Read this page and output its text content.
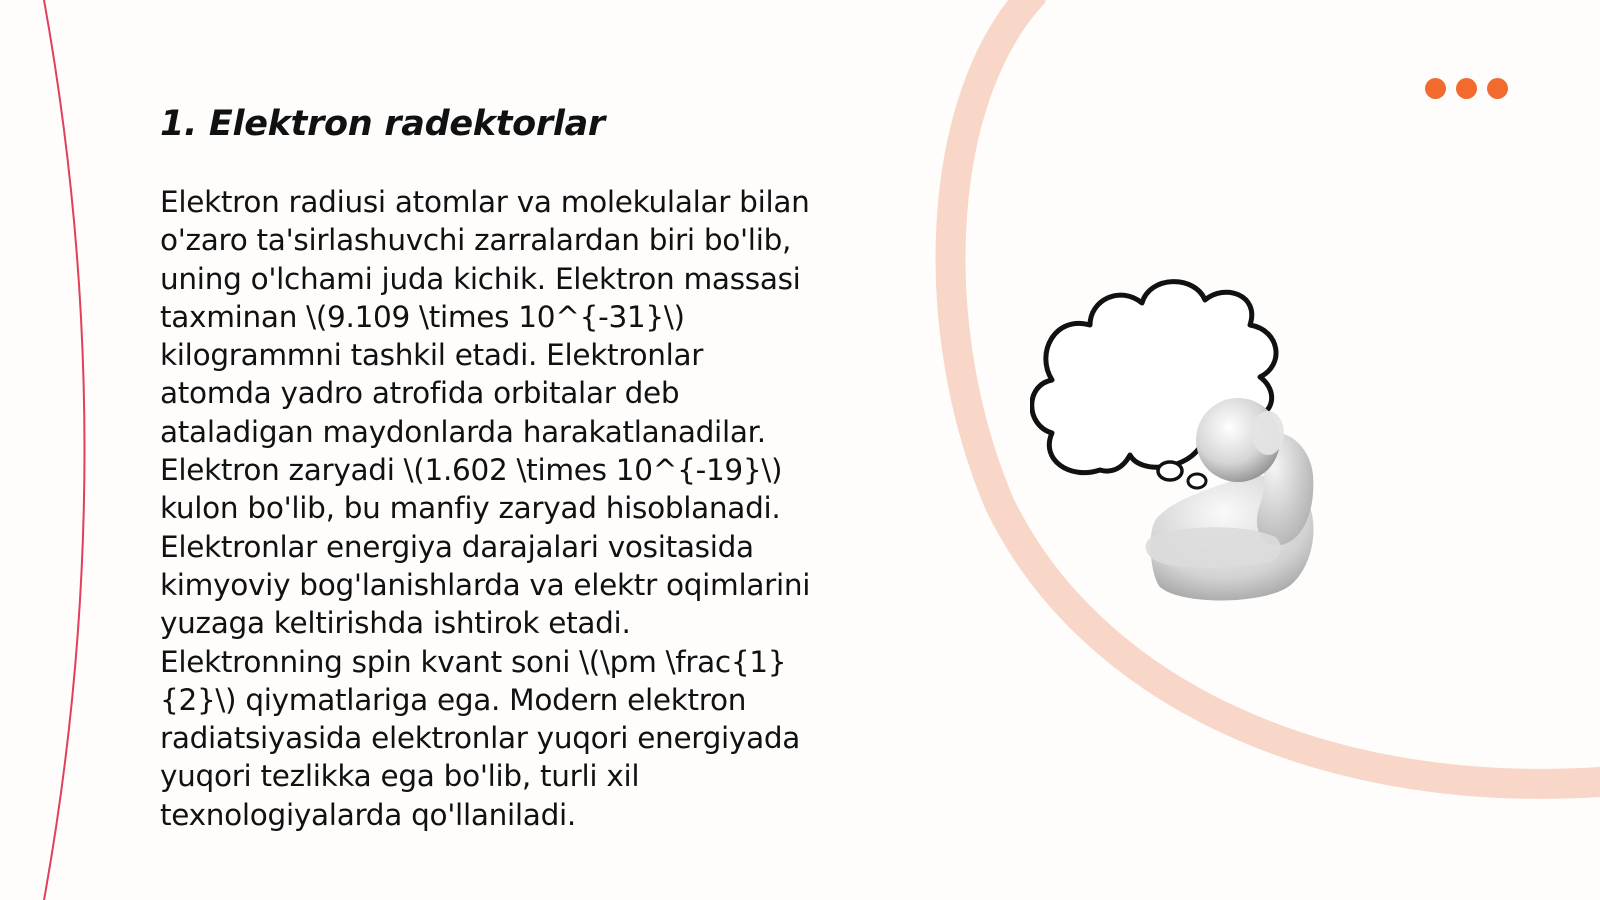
1. Elektron radektorlar

Elektron radiusi atomlar va molekulalar bilan
o'zaro ta'sirlashuvchi zarralardan biri bo'lib,
uning o'lchami juda kichik. Elektron massasi
taxminan \(9.109 \times 10^{-31}\)
kilogrammni tashkil etadi. Elektronlar
atomda yadro atrofida orbitalar deb
ataladigan maydonlarda harakatlanadilar.
Elektron zaryadi \(1.602 \times 10^{-19}\)
kulon bo'lib, bu manfiy zaryad hisoblanadi.
Elektronlar energiya darajalari vositasida
kimyoviy bog'lanishlarda va elektr oqimlarini
yuzaga keltirishda ishtirok etadi.
Elektronning spin kvant soni \(\pm \frac{1}
{2}\) qiymatlariga ega. Modern elektron
radiatsiyasida elektronlar yuqori energiyada
yuqori tezlikka ega bo'lib, turli xil
texnologiyalarda qo'llaniladi.
